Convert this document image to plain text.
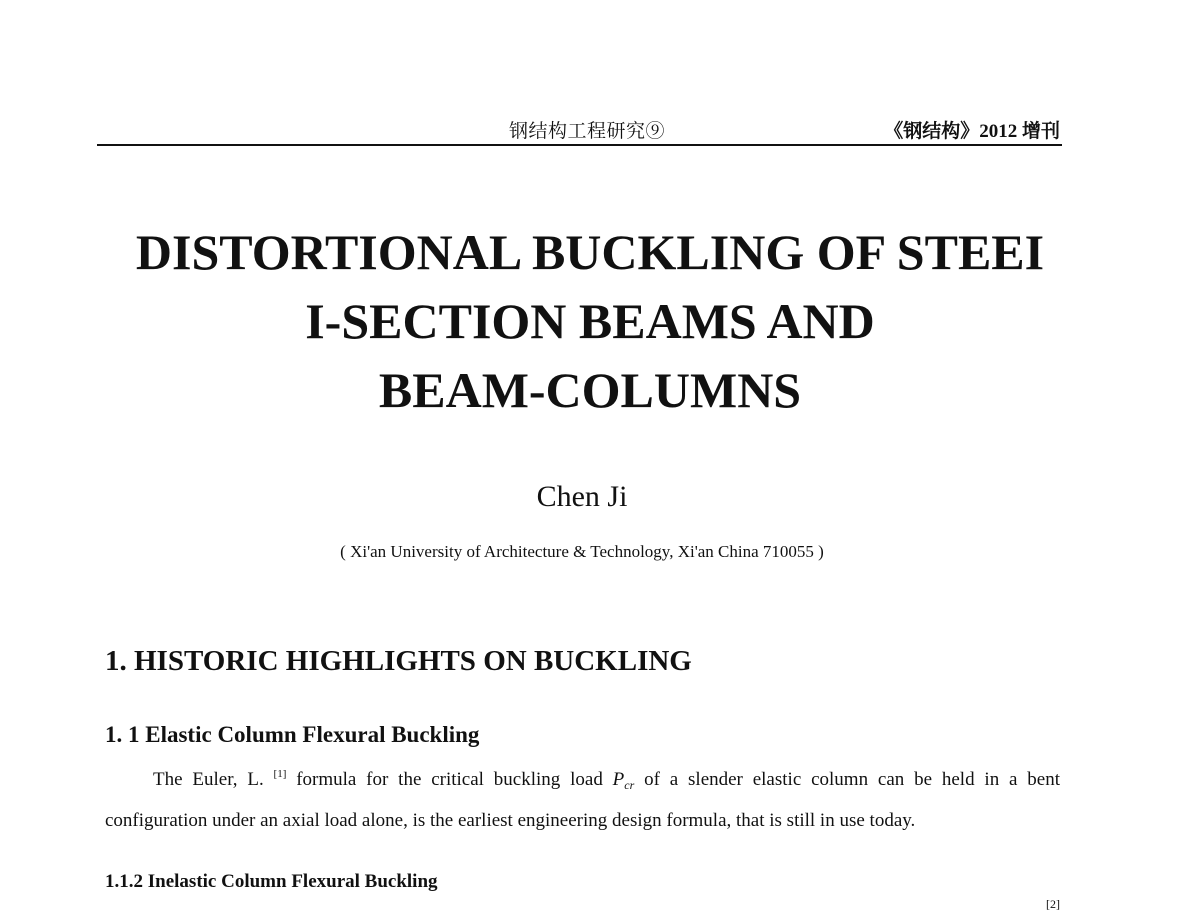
钢结构工程研究⑨	《钢结构》2012 增刊
DISTORTIONAL BUCKLING OF STEEI
I-SECTION BEAMS AND
BEAM-COLUMNS
Chen Ji
( Xi'an University of Architecture & Technology, Xi'an China 710055 )
1. HISTORIC HIGHLIGHTS ON BUCKLING
1. 1 Elastic Column Flexural Buckling

The Euler, L. [1] formula for the critical buckling load $P_{cr}$ of a slender elastic column can be held in a bent configuration under an axial load alone, is the earliest engineering design formula, that is still in use today.

1.1.2 Inelastic Column Flexural Buckling
[2]
